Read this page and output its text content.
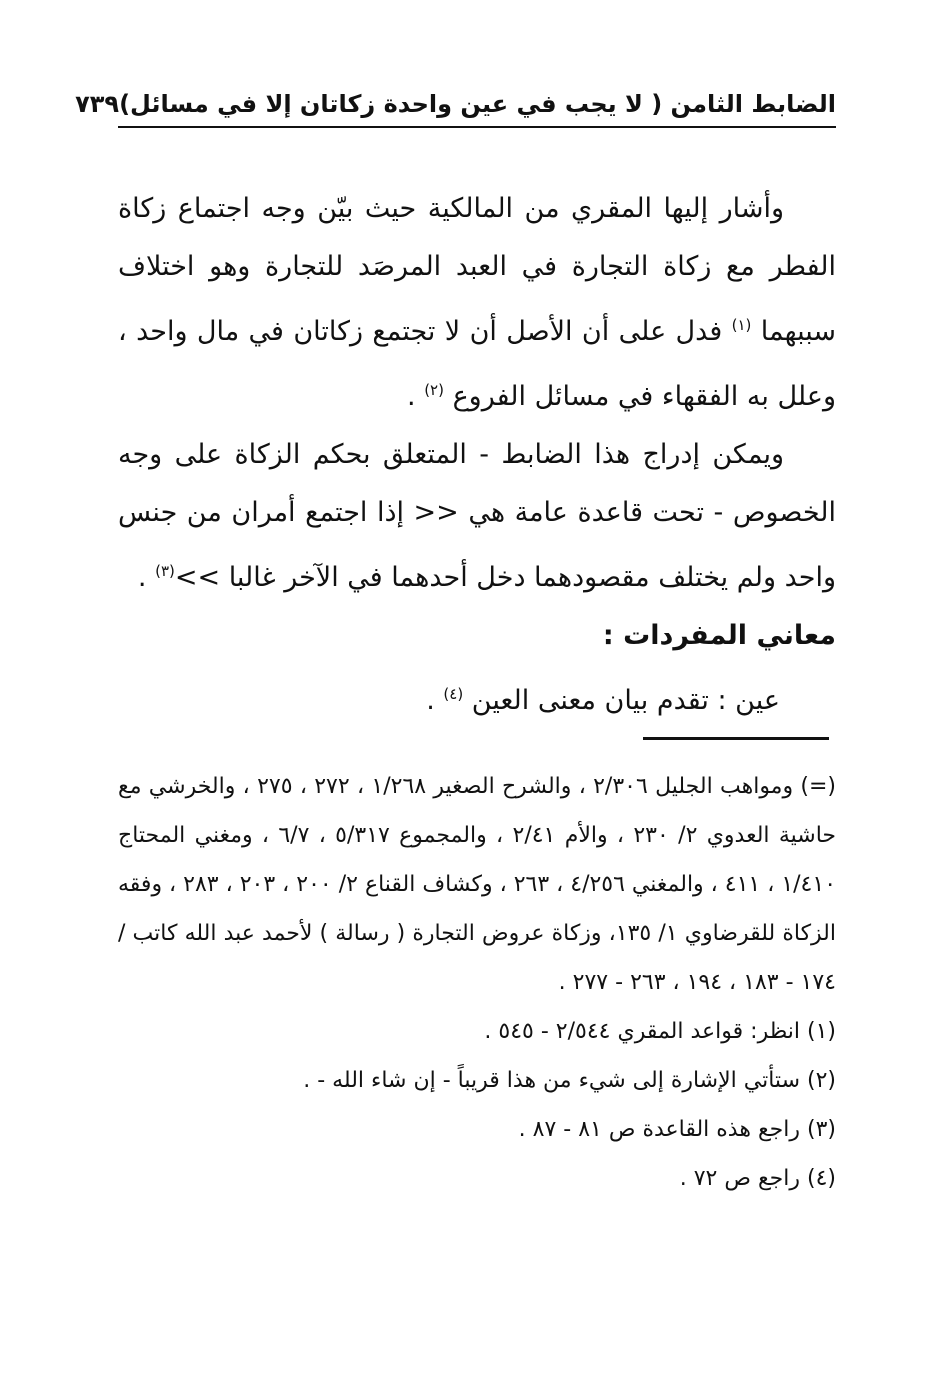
الضابط الثامن ( لا يجب في عين واحدة زكاتان إلا في مسائل)
٧٣٩

وأشار إليها المقري من المالكية حيث بيّن وجه اجتماع زكاة الفطر مع زكاة التجارة في العبد المرصَد للتجارة وهو اختلاف سببهما $^{(١)}$ فدل على أن الأصل أن لا تجتمع زكاتان في مال واحد ، وعلل به الفقهاء في مسائل الفروع $^{(٢)}$ .

ويمكن إدراج هذا الضابط - المتعلق بحكم الزكاة على وجه الخصوص - تحت قاعدة عامة هي << إذا اجتمع أمران من جنس واحد ولم يختلف مقصودهما دخل أحدهما في الآخر غالبا >>$^{(٣)}$ .

معاني المفردات :

عين : تقدم بيان معنى العين $^{(٤)}$ .

(=) ومواهب الجليل ٢/٣٠٦ ، والشرح الصغير ١/٢٦٨ ، ٢٧٢ ، ٢٧٥ ، والخرشي مع حاشية العدوي ٢/ ٢٣٠ ، والأم ٢/٤١ ، والمجموع ٥/٣١٧ ، ٦/٧ ، ومغني المحتاج ١/٤١٠ ، ٤١١ ، والمغني ٤/٢٥٦ ، ٢٦٣ ، وكشاف القناع ٢/ ٢٠٠ ، ٢٠٣ ، ٢٨٣ ، وفقه الزكاة للقرضاوي ١/ ١٣٥، وزكاة عروض التجارة ( رسالة ) لأحمد عبد الله كاتب /١٧٤ - ١٨٣ ، ١٩٤ ، ٢٦٣ - ٢٧٧ .

(١) انظر: قواعد المقري ٢/٥٤٤ - ٥٤٥ .

(٢) ستأتي الإشارة إلى شيء من هذا قريباً - إن شاء الله - .

(٣) راجع هذه القاعدة ص ٨١ - ٨٧ .

(٤) راجع ص ٧٢ .
